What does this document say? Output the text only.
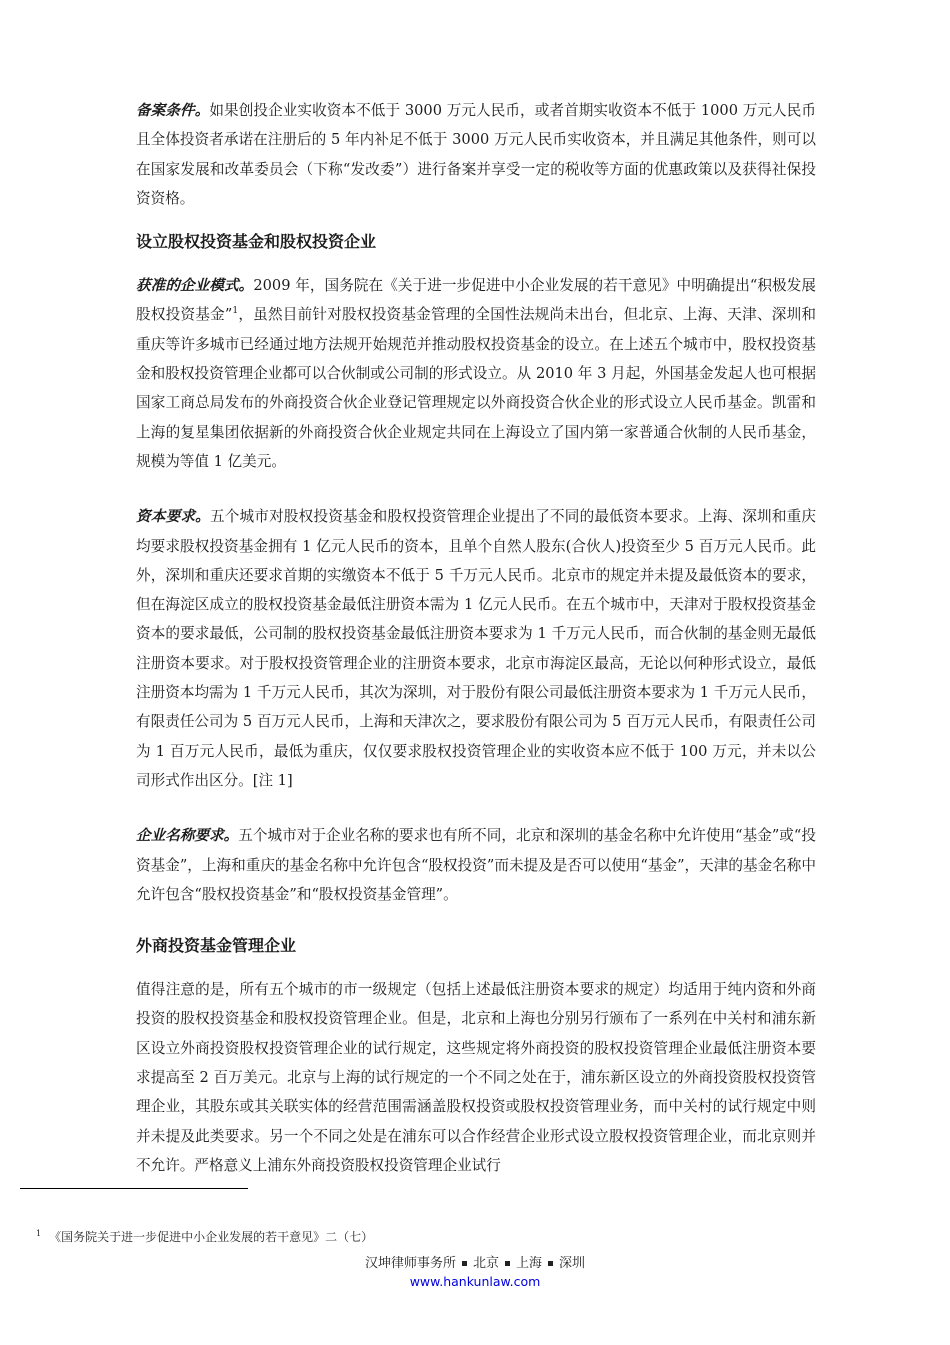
备案条件。如果创投企业实收资本不低于 3000 万元人民币，或者首期实收资本不低于 1000 万元人民币且全体投资者承诺在注册后的 5 年内补足不低于 3000 万元人民币实收资本，并且满足其他条件，则可以在国家发展和改革委员会（下称“发改委”）进行备案并享受一定的税收等方面的优惠政策以及获得社保投资资格。

设立股权投资基金和股权投资企业

获准的企业模式。2009 年，国务院在《关于进一步促进中小企业发展的若干意见》中明确提出“积极发展股权投资基金”$^1$，虽然目前针对股权投资基金管理的全国性法规尚未出台，但北京、上海、天津、深圳和重庆等许多城市已经通过地方法规开始规范并推动股权投资基金的设立。在上述五个城市中，股权投资基金和股权投资管理企业都可以合伙制或公司制的形式设立。从 2010 年 3 月起，外国基金发起人也可根据国家工商总局发布的外商投资合伙企业登记管理规定以外商投资合伙企业的形式设立人民币基金。凯雷和上海的复星集团依据新的外商投资合伙企业规定共同在上海设立了国内第一家普通合伙制的人民币基金，规模为等值 1 亿美元。

资本要求。五个城市对股权投资基金和股权投资管理企业提出了不同的最低资本要求。上海、深圳和重庆均要求股权投资基金拥有 1 亿元人民币的资本，且单个自然人股东(合伙人)投资至少 5 百万元人民币。此外，深圳和重庆还要求首期的实缴资本不低于 5 千万元人民币。北京市的规定并未提及最低资本的要求，但在海淀区成立的股权投资基金最低注册资本需为 1 亿元人民币。在五个城市中，天津对于股权投资基金资本的要求最低，公司制的股权投资基金最低注册资本要求为 1 千万元人民币，而合伙制的基金则无最低注册资本要求。对于股权投资管理企业的注册资本要求，北京市海淀区最高，无论以何种形式设立，最低注册资本均需为 1 千万元人民币，其次为深圳，对于股份有限公司最低注册资本要求为 1 千万元人民币，有限责任公司为 5 百万元人民币，上海和天津次之，要求股份有限公司为 5 百万元人民币，有限责任公司为 1 百万元人民币，最低为重庆，仅仅要求股权投资管理企业的实收资本应不低于 100 万元，并未以公司形式作出区分。[注 1]

企业名称要求。五个城市对于企业名称的要求也有所不同，北京和深圳的基金名称中允许使用“基金”或“投资基金”，上海和重庆的基金名称中允许包含“股权投资”而未提及是否可以使用“基金”，天津的基金名称中允许包含“股权投资基金”和“股权投资基金管理”。

外商投资基金管理企业

值得注意的是，所有五个城市的市一级规定（包括上述最低注册资本要求的规定）均适用于纯内资和外商投资的股权投资基金和股权投资管理企业。但是，北京和上海也分别另行颁布了一系列在中关村和浦东新区设立外商投资股权投资管理企业的试行规定，这些规定将外商投资的股权投资管理企业最低注册资本要求提高至 2 百万美元。北京与上海的试行规定的一个不同之处在于，浦东新区设立的外商投资股权投资管理企业，其股东或其关联实体的经营范围需涵盖股权投资或股权投资管理业务，而中关村的试行规定中则并未提及此类要求。另一个不同之处是在浦东可以合作经营企业形式设立股权投资管理企业，而北京则并不允许。严格意义上浦东外商投资股权投资管理企业试行

$^1$ 《国务院关于进一步促进中小企业发展的若干意见》二（七）
汉坤律师事务所 北京 上海 深圳
www.hankunlaw.com
